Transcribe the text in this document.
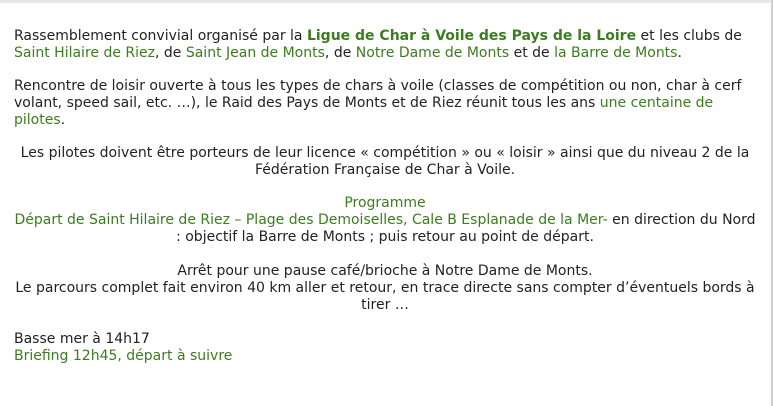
Rassemblement convivial organisé par la Ligue de Char à Voile des Pays de la Loire et les clubs de Saint Hilaire de Riez, de Saint Jean de Monts, de Notre Dame de Monts et de la Barre de Monts.

Rencontre de loisir ouverte à tous les types de chars à voile (classes de compétition ou non, char à cerf volant, speed sail, etc. …), le Raid des Pays de Monts et de Riez réunit tous les ans une centaine de pilotes.

Les pilotes doivent être porteurs de leur licence « compétition » ou « loisir » ainsi que du niveau 2 de la Fédération Française de Char à Voile.

Programme

Départ de Saint Hilaire de Riez – Plage des Demoiselles, Cale B Esplanade de la Mer- en direction du Nord : objectif la Barre de Monts ; puis retour au point de départ.

Arrêt pour une pause café/brioche à Notre Dame de Monts.

Le parcours complet fait environ 40 km aller et retour, en trace directe sans compter d’éventuels bords à tirer …

Basse mer à 14h17

Briefing 12h45, départ à suivre
